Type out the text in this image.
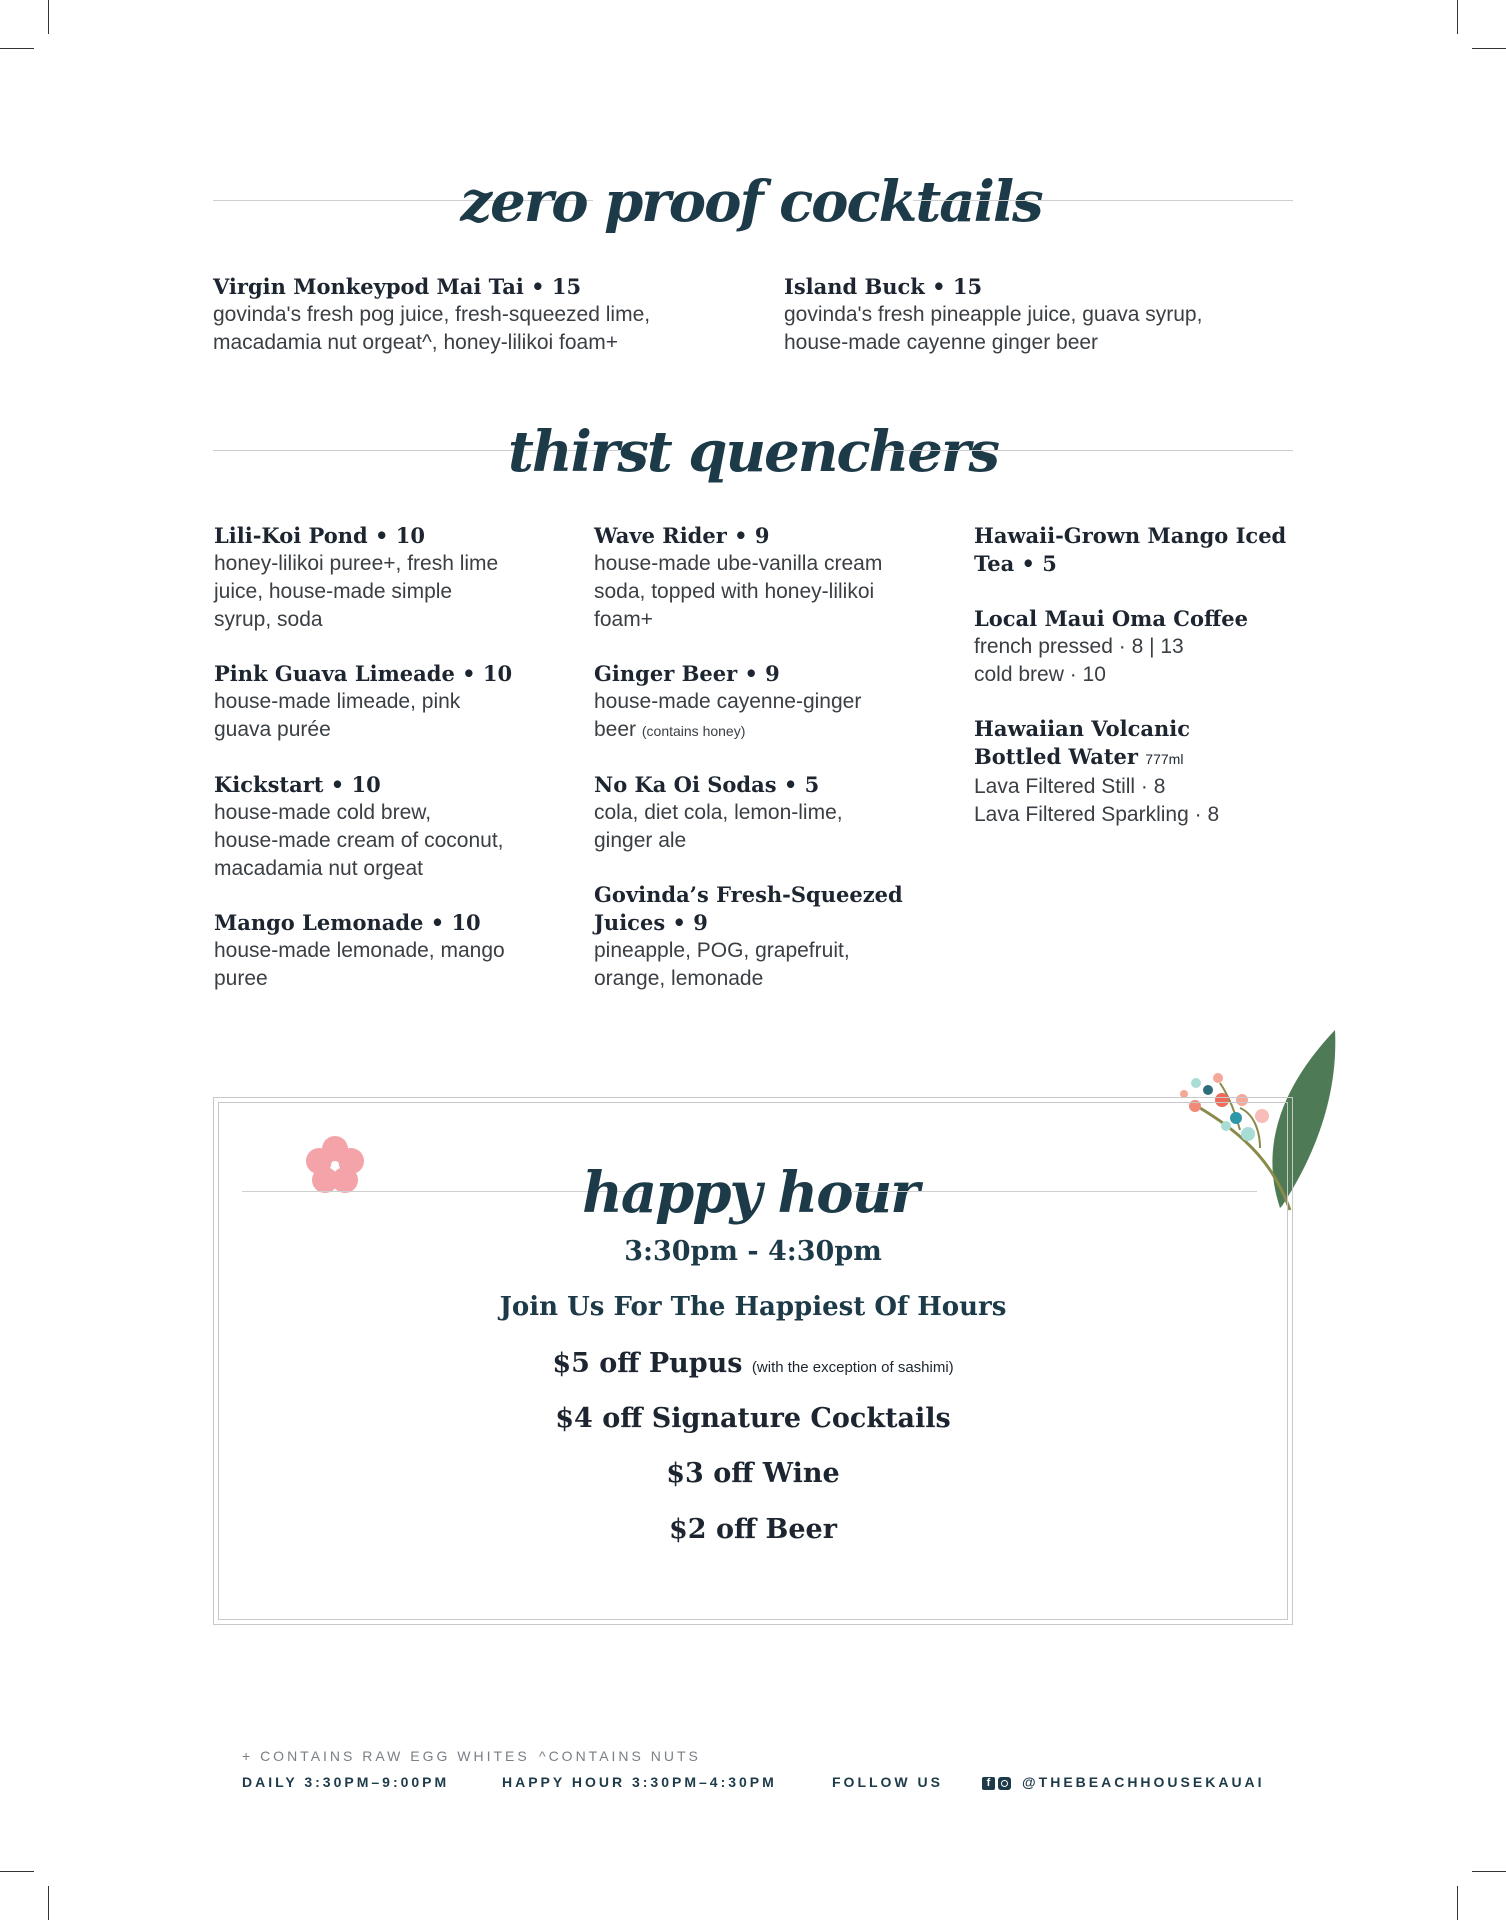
zero proof cocktails
Virgin Monkeypod Mai Tai • 15
govinda's fresh pog juice, fresh-squeezed lime,
macadamia nut orgeat^, honey-lilikoi foam+
Island Buck • 15
govinda's fresh pineapple juice, guava syrup,
house-made cayenne ginger beer
thirst quenchers
Lili-Koi Pond • 10
honey-lilikoi puree+, fresh lime
juice, house-made simple
syrup, soda
Pink Guava Limeade • 10
house-made limeade, pink
guava purée
Kickstart • 10
house-made cold brew,
house-made cream of coconut,
macadamia nut orgeat
Mango Lemonade • 10
house-made lemonade, mango
puree
Wave Rider • 9
house-made ube-vanilla cream
soda, topped with honey-lilikoi
foam+
Ginger Beer • 9
house-made cayenne-ginger
beer (contains honey)
No Ka Oi Sodas • 5
cola, diet cola, lemon-lime,
ginger ale
Govinda’s Fresh-Squeezed
Juices • 9
pineapple, POG, grapefruit,
orange, lemonade
Hawaii-Grown Mango Iced
Tea • 5
Local Maui Oma Coffee
french pressed · 8 | 13
cold brew · 10
Hawaiian Volcanic
Bottled Water 777ml
Lava Filtered Still · 8
Lava Filtered Sparkling · 8
happy hour
3:30pm - 4:30pm
Join Us For The Happiest Of Hours
$5 off Pupus (with the exception of sashimi)
$4 off Signature Cocktails
$3 off Wine
$2 off Beer
+ CONTAINS RAW EGG WHITES ^CONTAINS NUTS
DAILY 3:30PM–9:00PM	HAPPY HOUR 3:30PM–4:30PM	FOLLOW US	f	@THEBEACHHOUSEKAUAI
